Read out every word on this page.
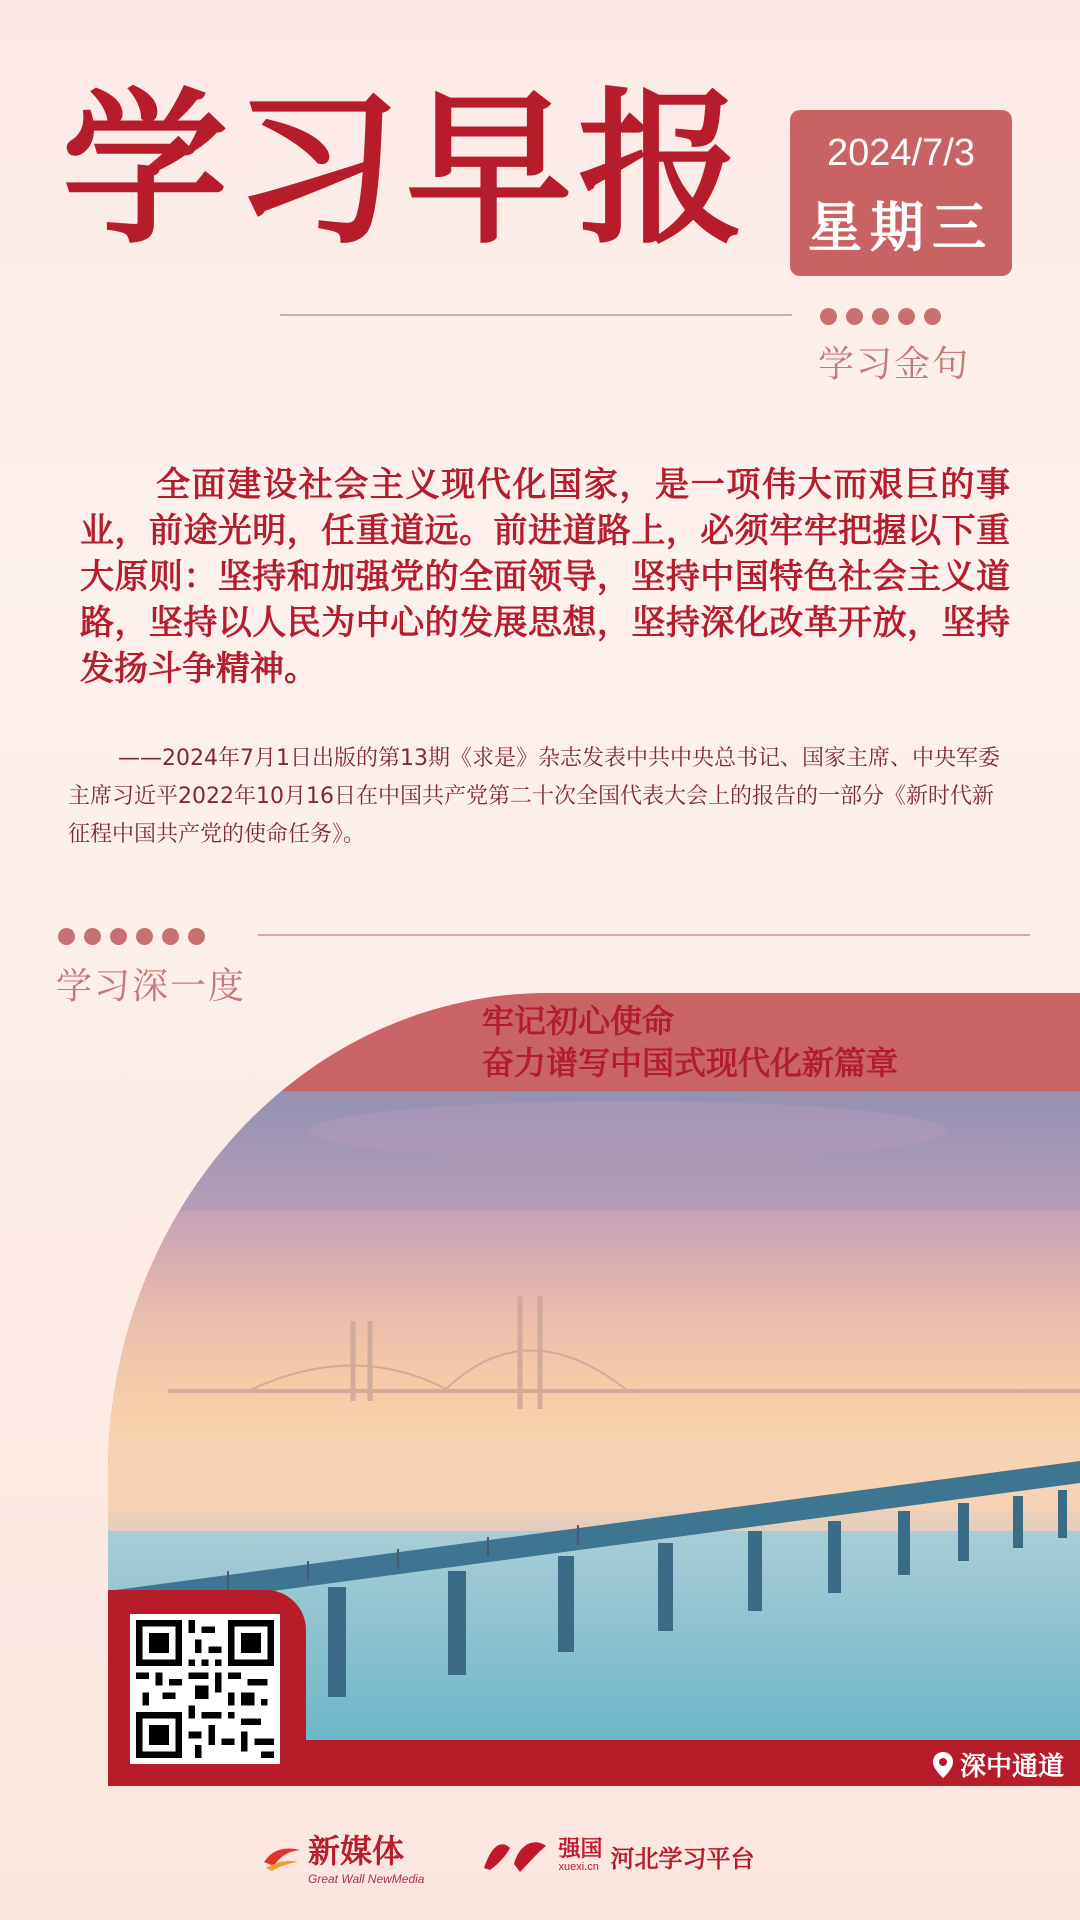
学习早报	2024/7/3
星期三
学习金句
全面建设社会主义现代化国家，是一项伟大而艰巨的事业，前途光明，任重道远。前进道路上，必须牢牢把握以下重大原则：坚持和加强党的全面领导，坚持中国特色社会主义道路，坚持以人民为中心的发展思想，坚持深化改革开放，坚持发扬斗争精神。
——2024年7月1日出版的第13期《求是》杂志发表中共中央总书记、国家主席、中央军委主席习近平2022年10月16日在中国共产党第二十次全国代表大会上的报告的一部分《新时代新征程中国共产党的使命任务》。
学习深一度
牢记初心使命
奋力谱写中国式现代化新篇章
深中通道
新媒体
Great Wall NewMedia
强国
xuexi.cn 河北学习平台
